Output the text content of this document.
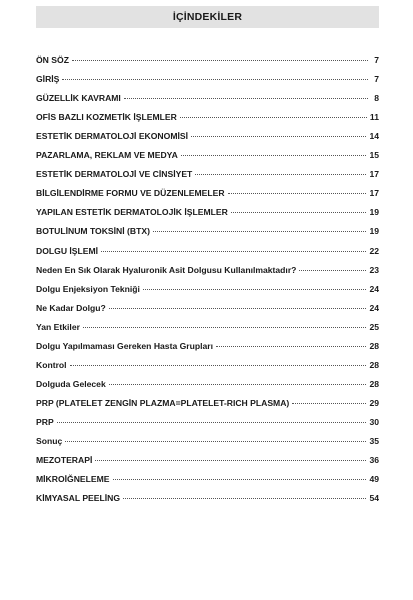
İÇİNDEKİLER
ÖN SÖZ	7
GİRİŞ	7
GÜZELLİK KAVRAMI	8
OFİS BAZLI KOZMETİK İŞLEMLER	11
ESTETİK DERMATOLOJİ EKONOMİSİ	14
PAZARLAMA, REKLAM VE MEDYA	15
ESTETİK DERMATOLOJİ VE CİNSİYET	17
BİLGİLENDİRME FORMU VE DÜZENLEMELER	17
YAPILAN ESTETİK DERMATOLOJİK İŞLEMLER	19
BOTULİNUM TOKSİNİ (BTX)	19
DOLGU İŞLEMİ	22
Neden En Sık Olarak Hyaluronik Asit Dolgusu Kullanılmaktadır?	23
Dolgu Enjeksiyon Tekniği	24
Ne Kadar Dolgu?	24
Yan Etkiler	25
Dolgu Yapılmaması Gereken Hasta Grupları	28
Kontrol	28
Dolguda Gelecek	28
PRP (PLATELET ZENGİN PLAZMA=PLATELET-RICH PLASMA)	29
PRP	30
Sonuç	35
MEZOTERAPİ	36
MİKROİĞNELEME	49
KİMYASAL PEELİNG	54
